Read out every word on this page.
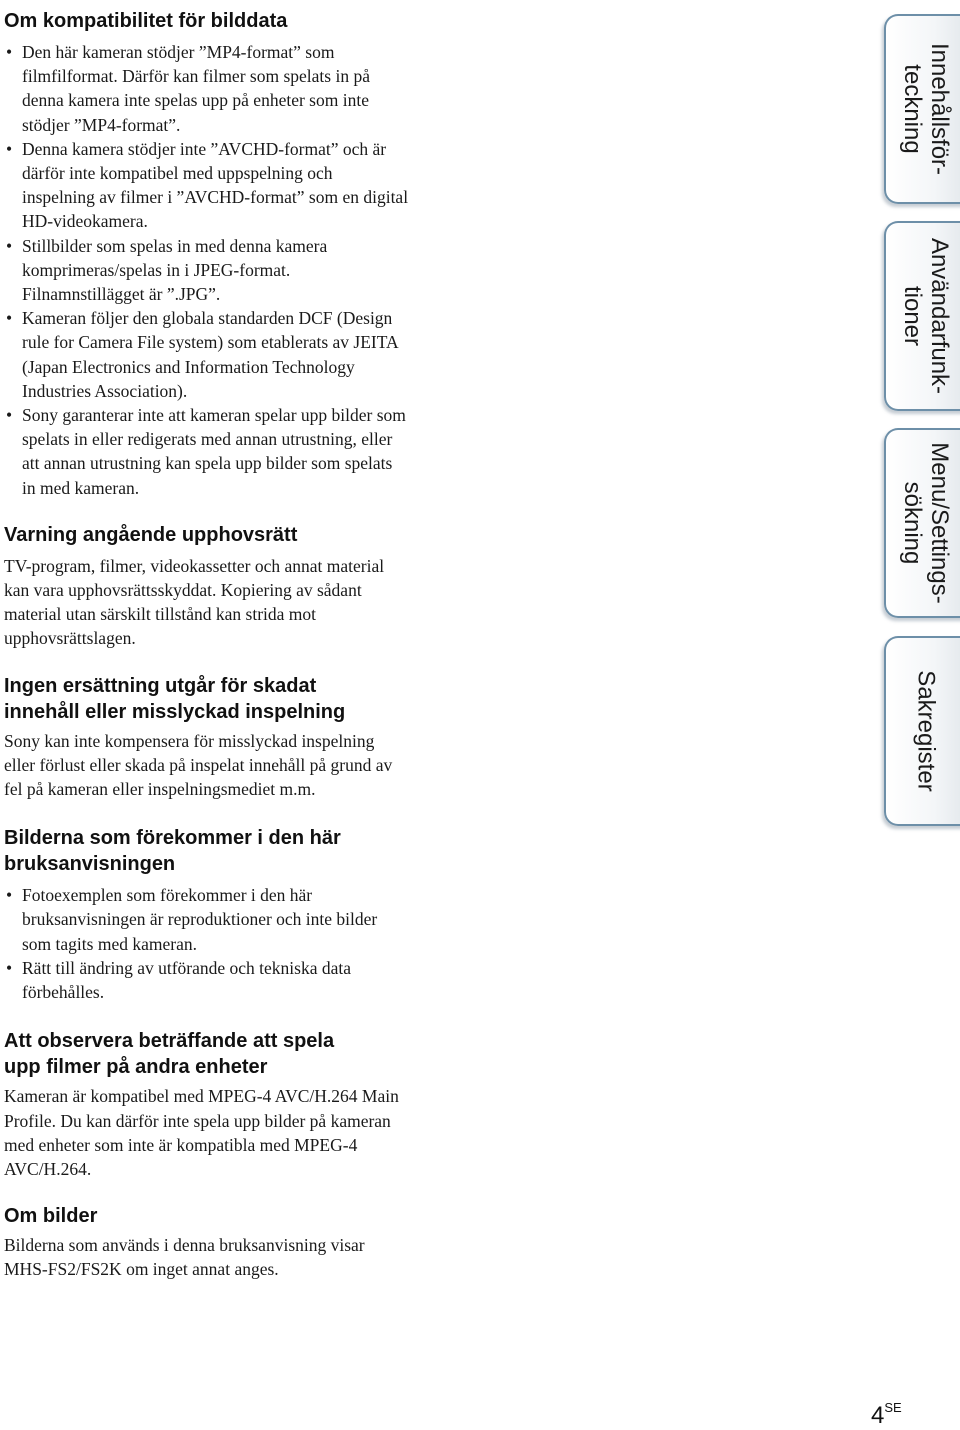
Om kompatibilitet för bilddata
• Den här kameran stödjer ”MP4-format” som filmfilformat. Därför kan filmer som spelats in på denna kamera inte spelas upp på enheter som inte stödjer ”MP4-format”.
• Denna kamera stödjer inte ”AVCHD-format” och är därför inte kompatibel med uppspelning och inspelning av filmer i ”AVCHD-format” som en digital HD-videokamera.
• Stillbilder som spelas in med denna kamera komprimeras/spelas in i JPEG-format. Filnamnstillägget är ”.JPG”.
• Kameran följer den globala standarden DCF (Design rule for Camera File system) som etablerats av JEITA (Japan Electronics and Information Technology Industries Association).
• Sony garanterar inte att kameran spelar upp bilder som spelats in eller redigerats med annan utrustning, eller att annan utrustning kan spela upp bilder som spelats in med kameran.
Varning angående upphovsrätt

TV-program, filmer, videokassetter och annat material kan vara upphovsrättsskyddat. Kopiering av sådant material utan särskilt tillstånd kan strida mot upphovsrättslagen.

Ingen ersättning utgår för skadat
innehåll eller misslyckad inspelning

Sony kan inte kompensera för misslyckad inspelning eller förlust eller skada på inspelat innehåll på grund av fel på kameran eller inspelningsmediet m.m.

Bilderna som förekommer i den här
bruksanvisningen
• Fotoexemplen som förekommer i den här bruksanvisningen är reproduktioner och inte bilder som tagits med kameran.
• Rätt till ändring av utförande och tekniska data förbehålles.
Att observera beträffande att spela
upp filmer på andra enheter

Kameran är kompatibel med MPEG-4 AVC/H.264 Main Profile. Du kan därför inte spela upp bilder på kameran med enheter som inte är kompatibla med MPEG-4 AVC/H.264.

Om bilder

Bilderna som används i denna bruksanvisning visar MHS-FS2/FS2K om inget annat anges.

Innehållsför-
teckning
Användarfunk-
tioner
Menu/Settings-
sökning
Sakregister
$4^{SE}$
